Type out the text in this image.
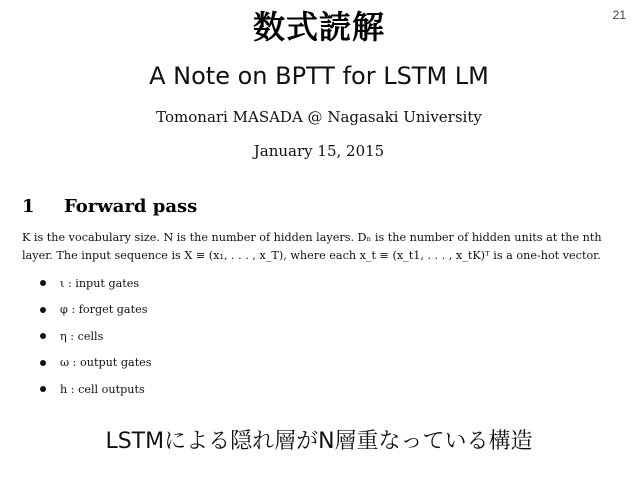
数式読解	21
A Note on BPTT for LSTM LM
Tomonari MASADA @ Nagasaki University
January 15, 2015
1 Forward pass
K is the vocabulary size. N is the number of hidden layers. Dₙ is the number of hidden units at the nth
layer. The input sequence is X ≡ (x₁, . . . , x_T), where each x_t ≡ (x_t1, . . . , x_tK)ᵀ is a one-hot vector.
ι : input gates
φ : forget gates
η : cells
ω : output gates
h : cell outputs
LSTMによる隠れ層がN層重なっている構造
